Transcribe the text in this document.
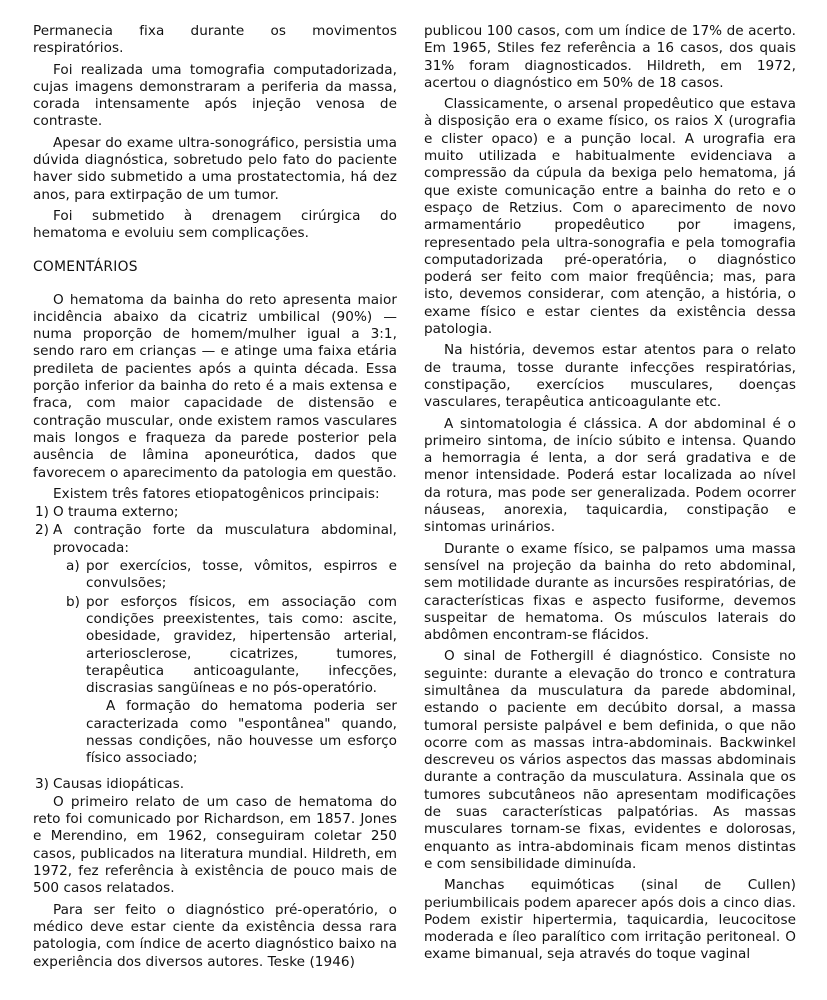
Permanecia fixa durante os movimentos respiratórios.

Foi realizada uma tomografia computadorizada, cujas imagens demonstraram a periferia da massa, corada intensamente após injeção venosa de contraste.

Apesar do exame ultra-sonográfico, persistia uma dúvida diagnóstica, sobretudo pelo fato do paciente haver sido submetido a uma prostatectomia, há dez anos, para extirpação de um tumor.

Foi submetido à drenagem cirúrgica do hematoma e evoluiu sem complicações.

COMENTÁRIOS

O hematoma da bainha do reto apresenta maior incidência abaixo da cicatriz umbilical (90%) — numa proporção de homem/mulher igual a 3:1, sendo raro em crianças — e atinge uma faixa etária predileta de pacientes após a quinta década. Essa porção inferior da bainha do reto é a mais extensa e fraca, com maior capacidade de distensão e contração muscular, onde existem ramos vasculares mais longos e fraqueza da parede posterior pela ausência de lâmina aponeurótica, dados que favorecem o aparecimento da patologia em questão.

Existem três fatores etiopatogênicos principais:

1) O trauma externo;
2) A contração forte da musculatura abdominal, provocada:
a) por exercícios, tosse, vômitos, espirros e convulsões;
b) por esforços físicos, em associação com condições preexistentes, tais como: ascite, obesidade, gravidez, hipertensão arterial, arteriosclerose, cicatrizes, tumores, terapêutica anticoagulante, infecções, discrasias sangüíneas e no pós-operatório.

A formação do hematoma poderia ser caracterizada como "espontânea" quando, nessas condições, não houvesse um esforço físico associado;

3) Causas idiopáticas.

O primeiro relato de um caso de hematoma do reto foi comunicado por Richardson, em 1857. Jones e Merendino, em 1962, conseguiram coletar 250 casos, publicados na literatura mundial. Hildreth, em 1972, fez referência à existência de pouco mais de 500 casos relatados.

Para ser feito o diagnóstico pré-operatório, o médico deve estar ciente da existência dessa rara patologia, com índice de acerto diagnóstico baixo na experiência dos diversos autores. Teske (1946)

publicou 100 casos, com um índice de 17% de acerto. Em 1965, Stiles fez referência a 16 casos, dos quais 31% foram diagnosticados. Hildreth, em 1972, acertou o diagnóstico em 50% de 18 casos.

Classicamente, o arsenal propedêutico que estava à disposição era o exame físico, os raios X (urografia e clister opaco) e a punção local. A urografia era muito utilizada e habitualmente evidenciava a compressão da cúpula da bexiga pelo hematoma, já que existe comunicação entre a bainha do reto e o espaço de Retzius. Com o aparecimento de novo armamentário propedêutico por imagens, representado pela ultra-sonografia e pela tomografia computadorizada pré-operatória, o diagnóstico poderá ser feito com maior freqüência; mas, para isto, devemos considerar, com atenção, a história, o exame físico e estar cientes da existência dessa patologia.

Na história, devemos estar atentos para o relato de trauma, tosse durante infecções respiratórias, constipação, exercícios musculares, doenças vasculares, terapêutica anticoagulante etc.

A sintomatologia é clássica. A dor abdominal é o primeiro sintoma, de início súbito e intensa. Quando a hemorragia é lenta, a dor será gradativa e de menor intensidade. Poderá estar localizada ao nível da rotura, mas pode ser generalizada. Podem ocorrer náuseas, anorexia, taquicardia, constipação e sintomas urinários.

Durante o exame físico, se palpamos uma massa sensível na projeção da bainha do reto abdominal, sem motilidade durante as incursões respiratórias, de características fixas e aspecto fusiforme, devemos suspeitar de hematoma. Os músculos laterais do abdômen encontram-se flácidos.

O sinal de Fothergill é diagnóstico. Consiste no seguinte: durante a elevação do tronco e contratura simultânea da musculatura da parede abdominal, estando o paciente em decúbito dorsal, a massa tumoral persiste palpável e bem definida, o que não ocorre com as massas intra-abdominais. Backwinkel descreveu os vários aspectos das massas abdominais durante a contração da musculatura. Assinala que os tumores subcutâneos não apresentam modificações de suas características palpatórias. As massas musculares tornam-se fixas, evidentes e dolorosas, enquanto as intra-abdominais ficam menos distintas e com sensibilidade diminuída.

Manchas equimóticas (sinal de Cullen) periumbilicais podem aparecer após dois a cinco dias. Podem existir hipertermia, taquicardia, leucocitose moderada e íleo paralítico com irritação peritoneal. O exame bimanual, seja através do toque vaginal
